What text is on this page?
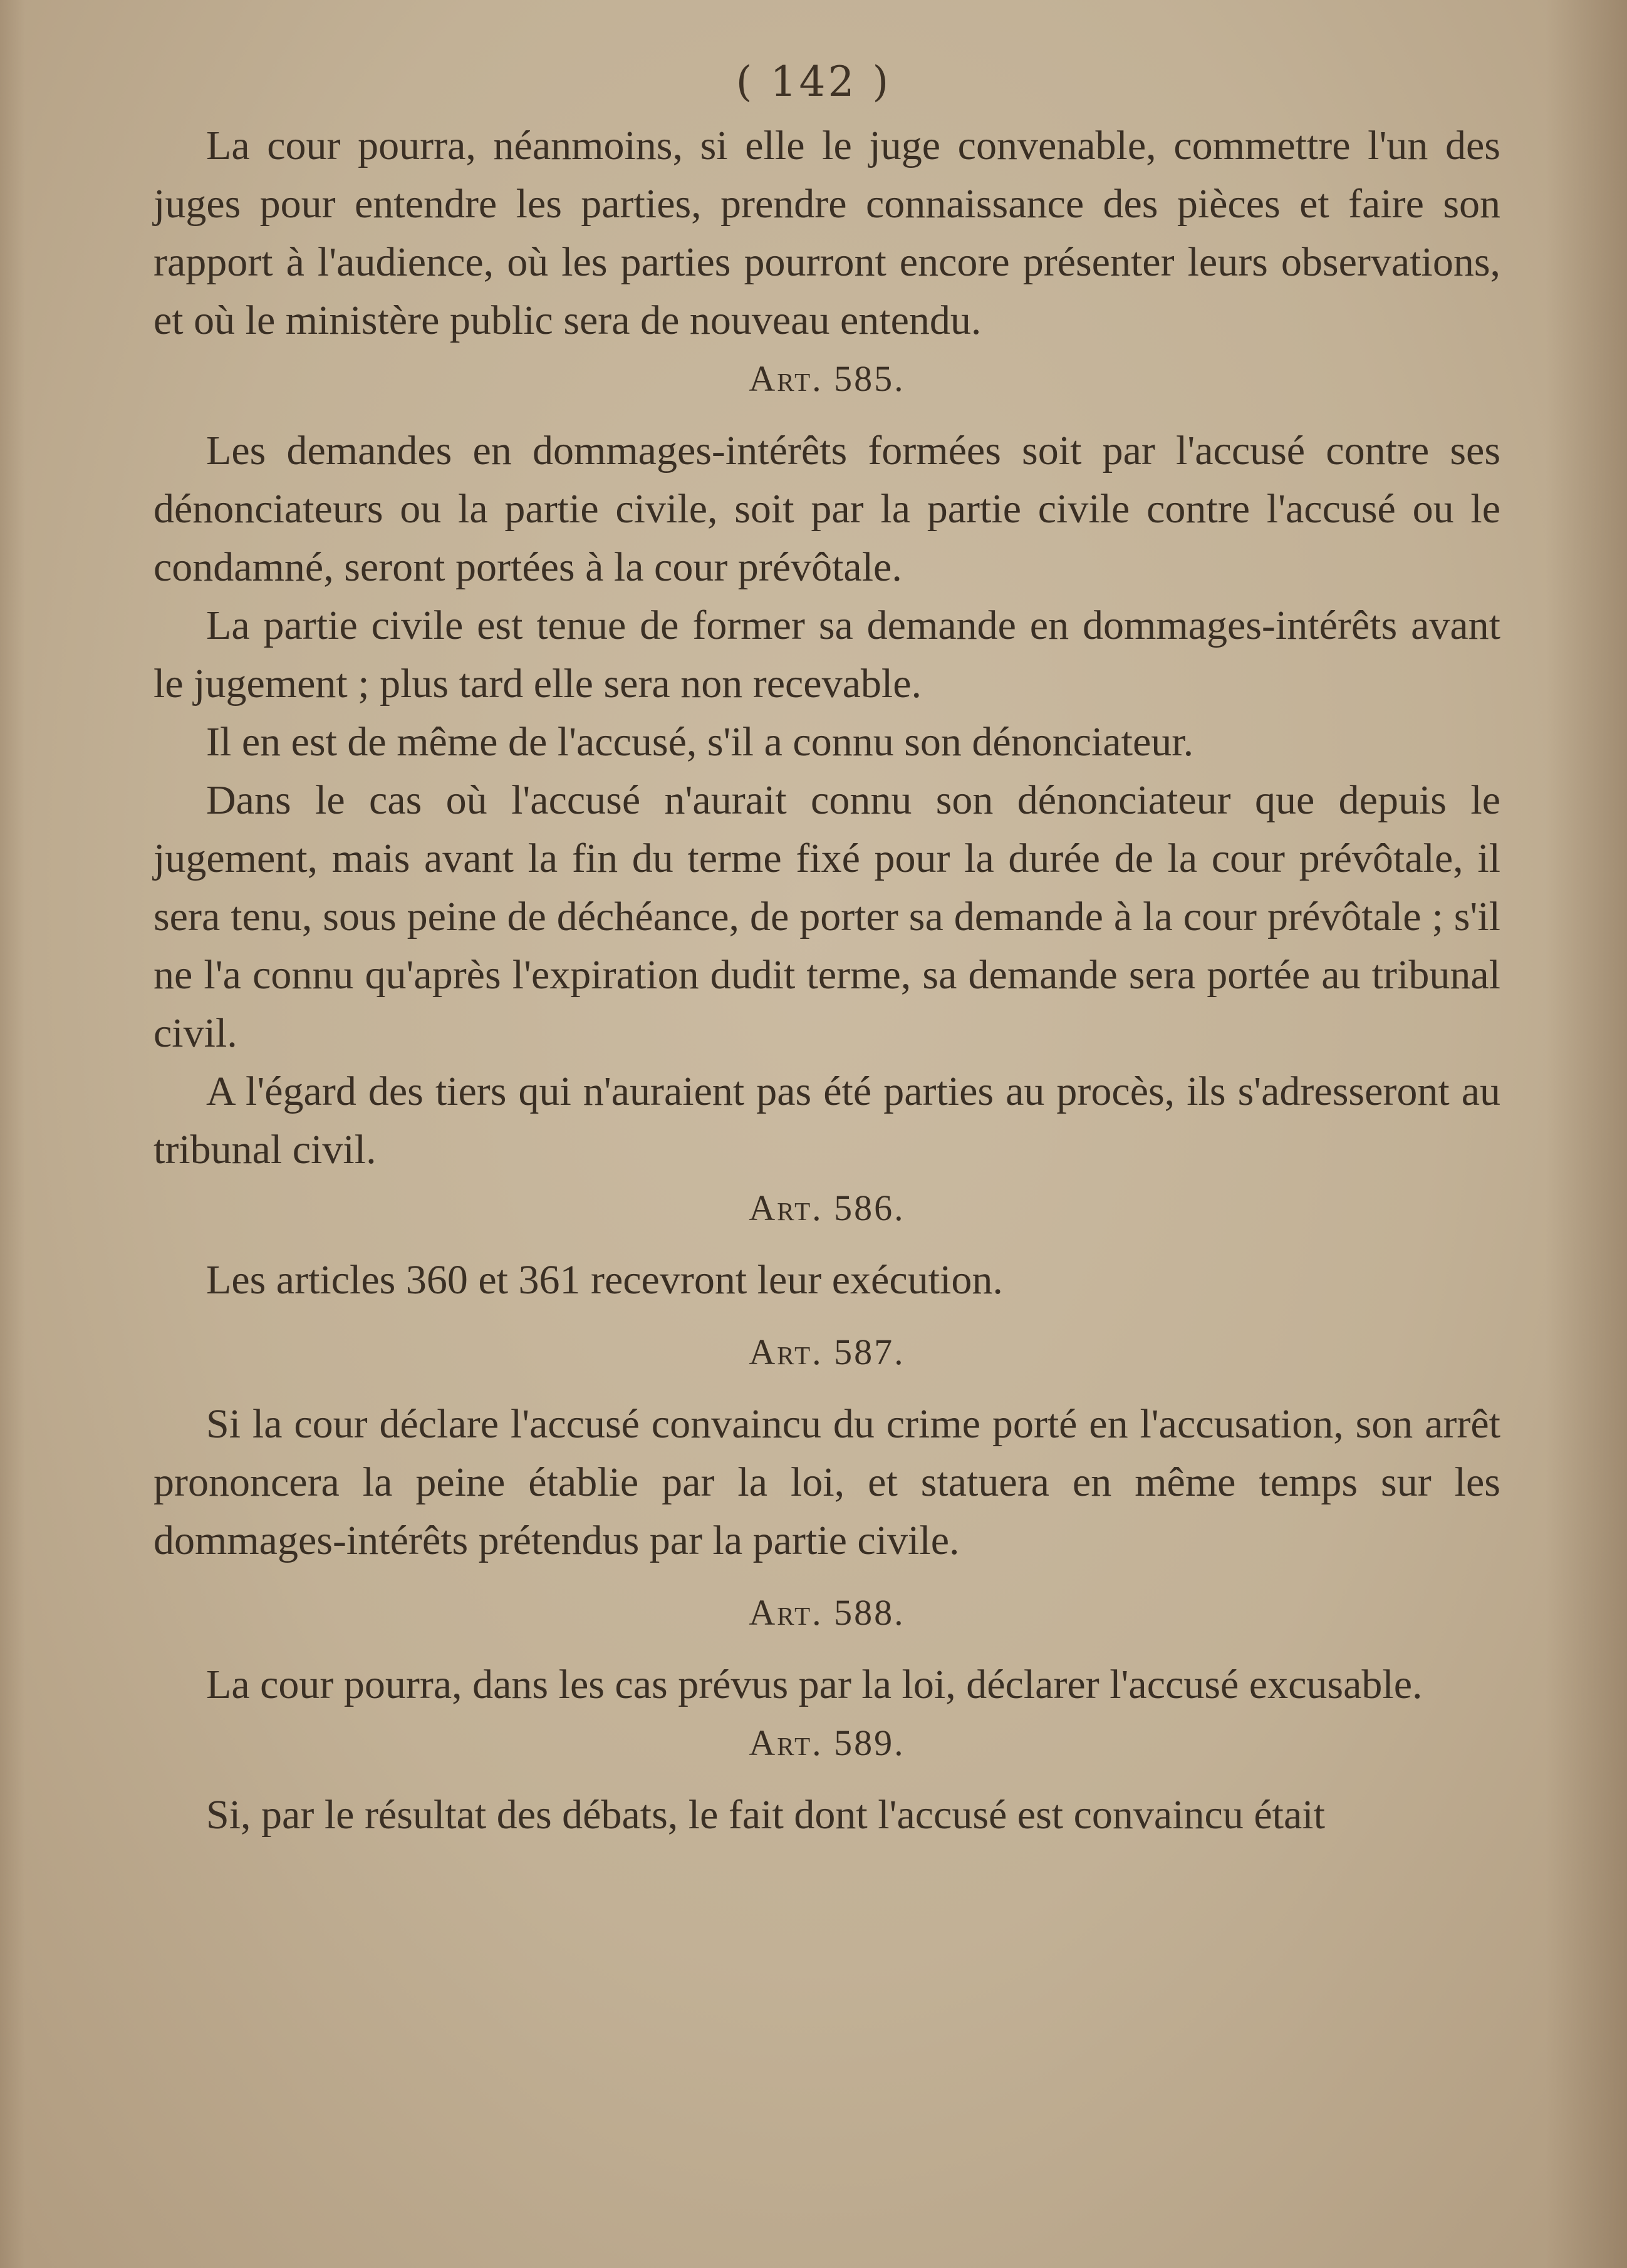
( 142 )

La cour pourra, néanmoins, si elle le juge convenable, commettre l'un des juges pour entendre les parties, prendre connaissance des pièces et faire son rapport à l'audience, où les parties pourront encore présenter leurs observations, et où le ministère public sera de nouveau entendu.

Art. 585.

Les demandes en dommages-intérêts formées soit par l'accusé contre ses dénonciateurs ou la partie civile, soit par la partie civile contre l'accusé ou le condamné, seront portées à la cour prévôtale.

La partie civile est tenue de former sa demande en dommages-intérêts avant le jugement ; plus tard elle sera non recevable.

Il en est de même de l'accusé, s'il a connu son dénonciateur.

Dans le cas où l'accusé n'aurait connu son dénonciateur que depuis le jugement, mais avant la fin du terme fixé pour la durée de la cour prévôtale, il sera tenu, sous peine de déchéance, de porter sa demande à la cour prévôtale ; s'il ne l'a connu qu'après l'expiration dudit terme, sa demande sera portée au tribunal civil.

A l'égard des tiers qui n'auraient pas été parties au procès, ils s'adresseront au tribunal civil.

Art. 586.

Les articles 360 et 361 recevront leur exécution.

Art. 587.

Si la cour déclare l'accusé convaincu du crime porté en l'accusation, son arrêt prononcera la peine établie par la loi, et statuera en même temps sur les dommages-intérêts prétendus par la partie civile.

Art. 588.

La cour pourra, dans les cas prévus par la loi, déclarer l'accusé excusable.

Art. 589.

Si, par le résultat des débats, le fait dont l'accusé est convaincu était
